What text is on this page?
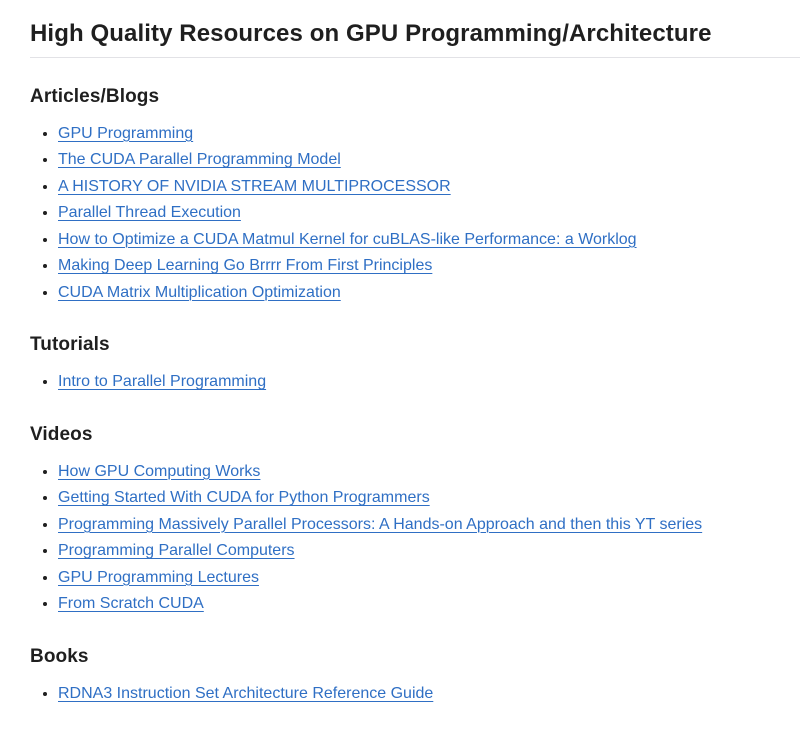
High Quality Resources on GPU Programming/Architecture
Articles/Blogs
• GPU Programming
• The CUDA Parallel Programming Model
• A HISTORY OF NVIDIA STREAM MULTIPROCESSOR
• Parallel Thread Execution
• How to Optimize a CUDA Matmul Kernel for cuBLAS-like Performance: a Worklog
• Making Deep Learning Go Brrrr From First Principles
• CUDA Matrix Multiplication Optimization
Tutorials
• Intro to Parallel Programming
Videos
• How GPU Computing Works
• Getting Started With CUDA for Python Programmers
• Programming Massively Parallel Processors: A Hands-on Approach and then this YT series
• Programming Parallel Computers
• GPU Programming Lectures
• From Scratch CUDA
Books
• RDNA3 Instruction Set Architecture Reference Guide
